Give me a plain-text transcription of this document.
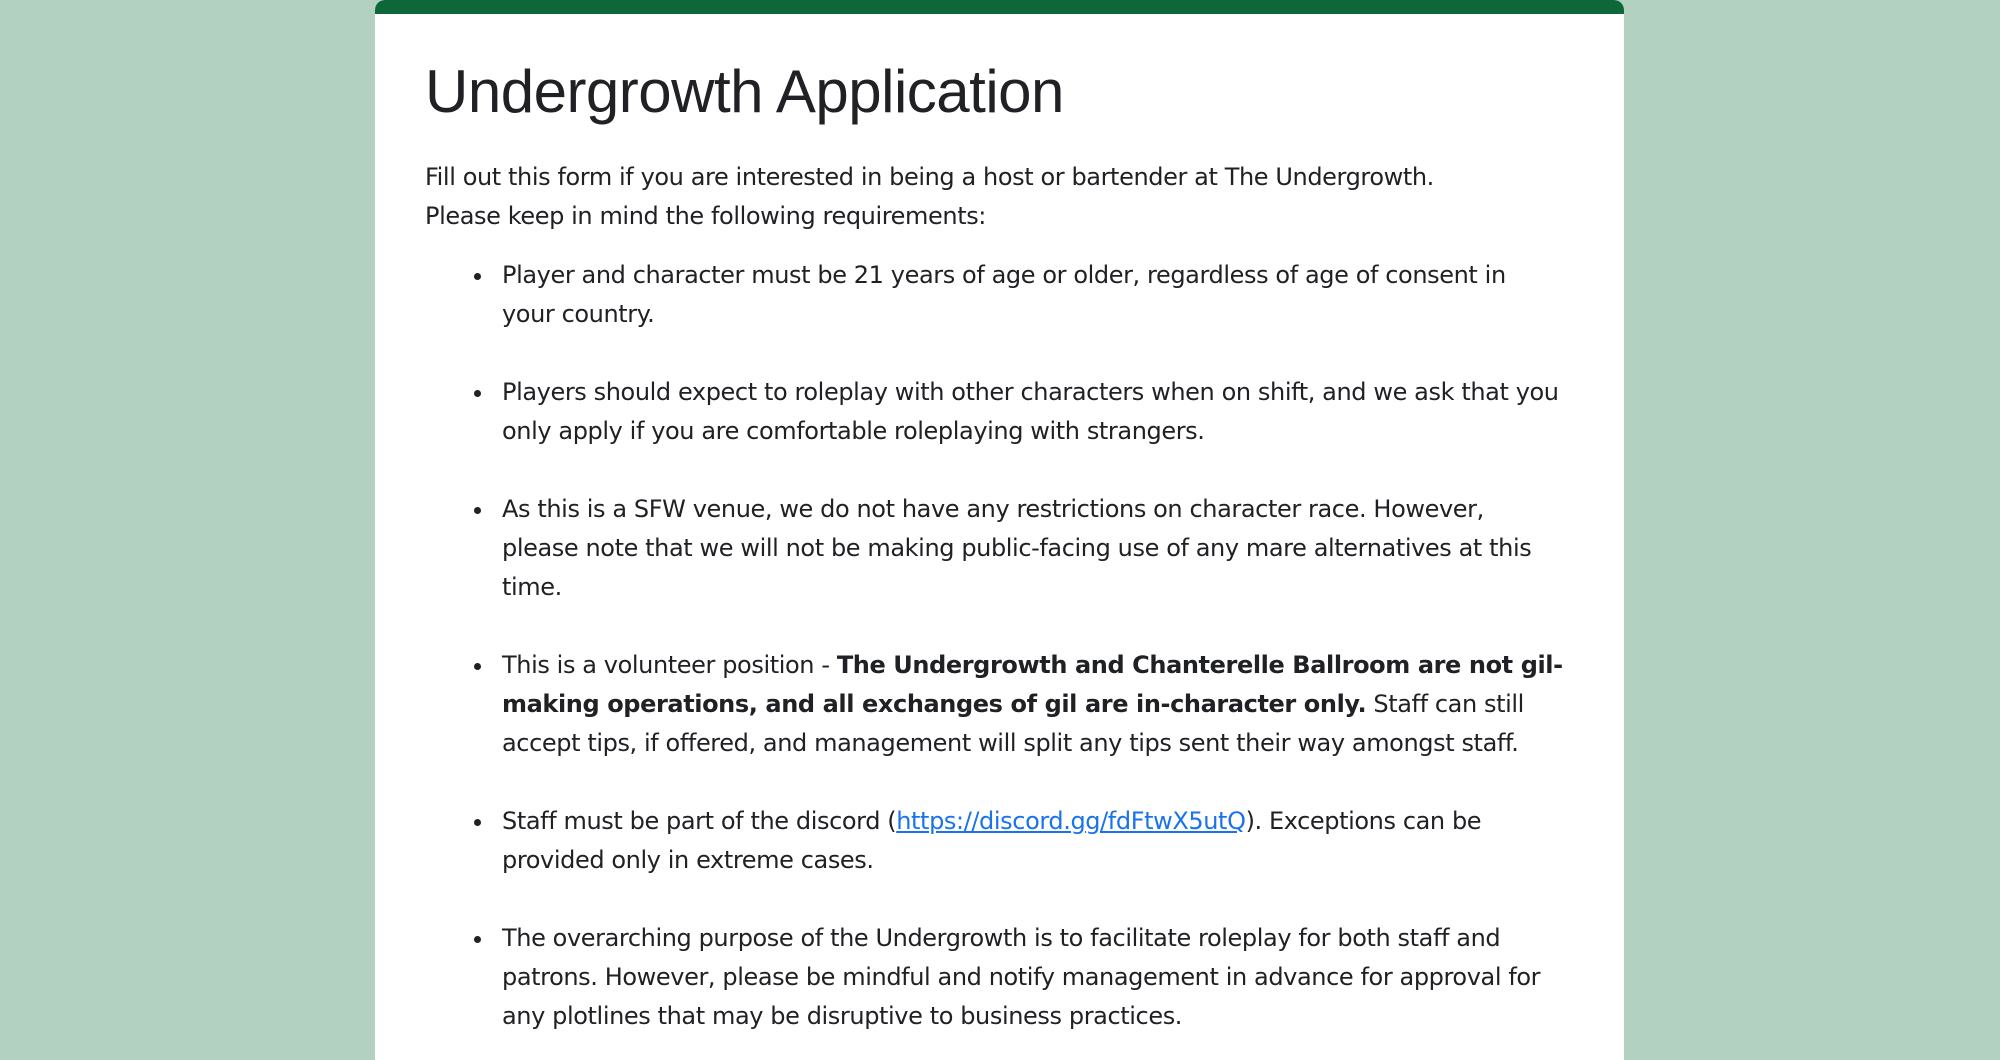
Undergrowth Application

Fill out this form if you are interested in being a host or bartender at The Undergrowth.
Please keep in mind the following requirements:

Player and character must be 21 years of age or older, regardless of age of consent in your country.
Players should expect to roleplay with other characters when on shift, and we ask that you only apply if you are comfortable roleplaying with strangers.
As this is a SFW venue, we do not have any restrictions on character race. However, please note that we will not be making public-facing use of any mare alternatives at this time.
This is a volunteer position - The Undergrowth and Chanterelle Ballroom are not gil-making operations, and all exchanges of gil are in-character only. Staff can still accept tips, if offered, and management will split any tips sent their way amongst staff.
Staff must be part of the discord (https://discord.gg/fdFtwX5utQ). Exceptions can be provided only in extreme cases.
The overarching purpose of the Undergrowth is to facilitate roleplay for both staff and patrons. However, please be mindful and notify management in advance for approval for any plotlines that may be disruptive to business practices.
